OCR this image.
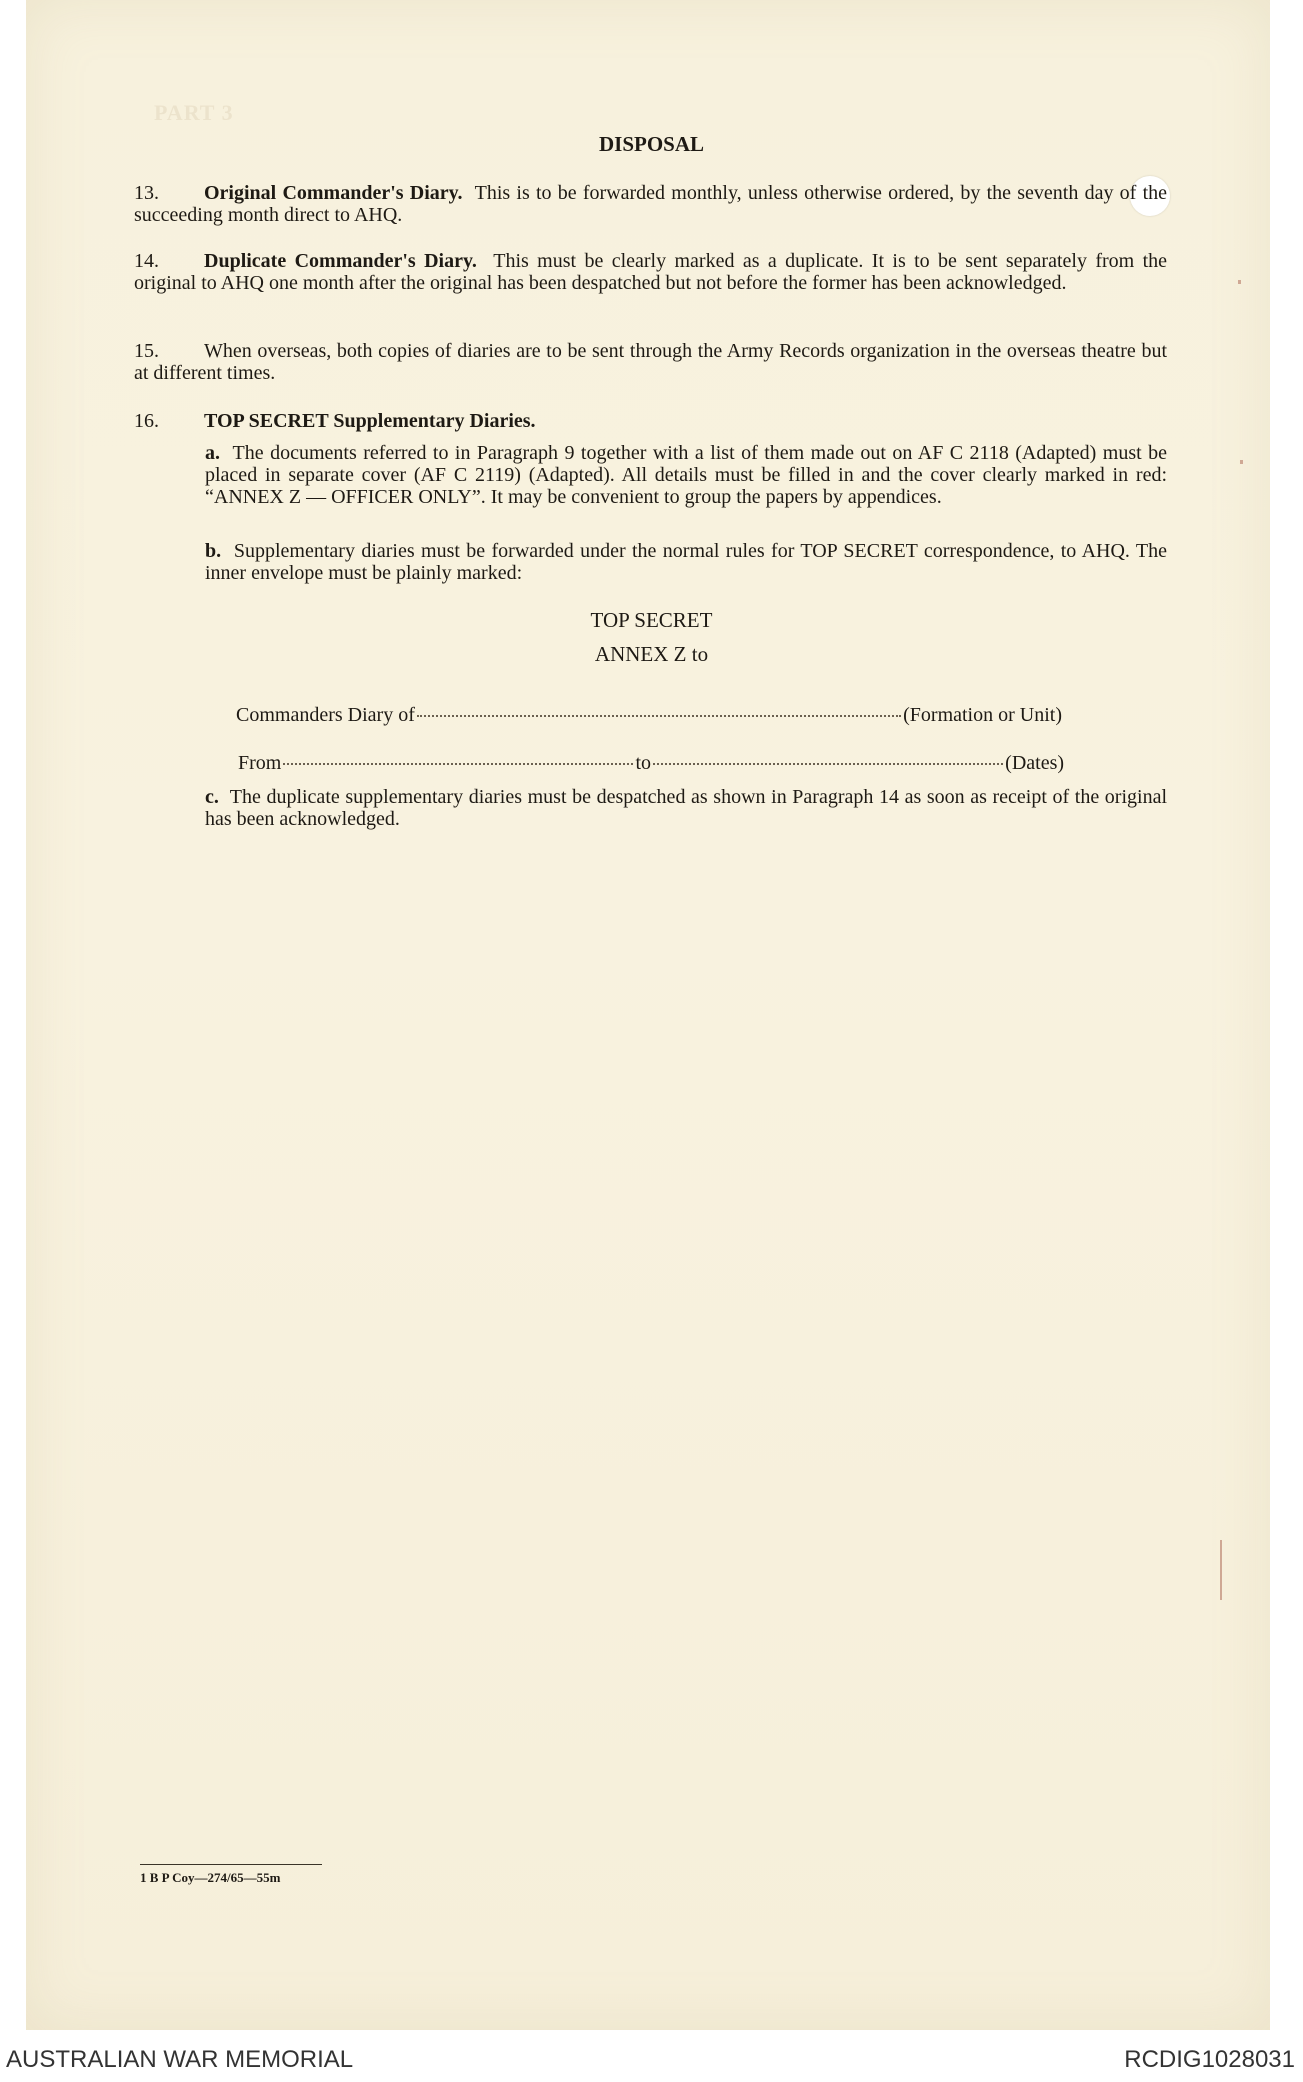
PART 3
DISPOSAL
13. Original Commander's Diary. This is to be forwarded monthly, unless otherwise ordered, by the seventh day of the succeeding month direct to AHQ.
14. Duplicate Commander's Diary. This must be clearly marked as a duplicate. It is to be sent separately from the original to AHQ one month after the original has been despatched but not before the former has been acknowledged.
15. When overseas, both copies of diaries are to be sent through the Army Records organization in the overseas theatre but at different times.
16. TOP SECRET Supplementary Diaries.
a. The documents referred to in Paragraph 9 together with a list of them made out on AF C 2118 (Adapted) must be placed in separate cover (AF C 2119) (Adapted). All details must be filled in and the cover clearly marked in red: “ANNEX Z — OFFICER ONLY”. It may be convenient to group the papers by appendices.
b. Supplementary diaries must be forwarded under the normal rules for TOP SECRET correspondence, to AHQ. The inner envelope must be plainly marked:
TOP SECRET
ANNEX Z to
Commanders Diary of	(Formation or Unit)
From	to	(Dates)
c. The duplicate supplementary diaries must be despatched as shown in Paragraph 14 as soon as receipt of the original has been acknowledged.
1 B P Coy—274/65—55m
AUSTRALIAN WAR MEMORIAL	RCDIG1028031
